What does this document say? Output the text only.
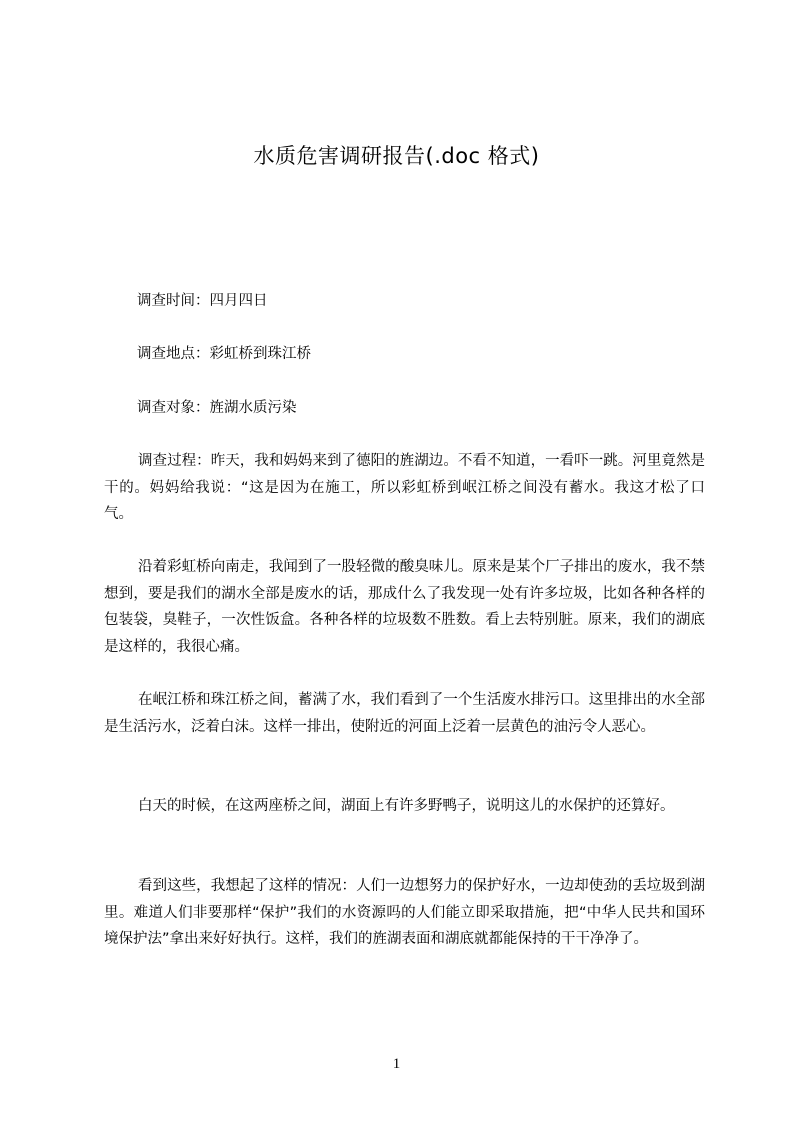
水质危害调研报告(.doc 格式)
调查时间：四月四日
调查地点：彩虹桥到珠江桥
调查对象：旌湖水质污染

调查过程：昨天，我和妈妈来到了德阳的旌湖边。不看不知道，一看吓一跳。河里竟然是干的。妈妈给我说：“这是因为在施工，所以彩虹桥到岷江桥之间没有蓄水。我这才松了口气。

沿着彩虹桥向南走，我闻到了一股轻微的酸臭味儿。原来是某个厂子排出的废水，我不禁想到，要是我们的湖水全部是废水的话，那成什么了我发现一处有许多垃圾，比如各种各样的包装袋，臭鞋子，一次性饭盒。各种各样的垃圾数不胜数。看上去特别脏。原来，我们的湖底是这样的，我很心痛。

在岷江桥和珠江桥之间，蓄满了水，我们看到了一个生活废水排污口。这里排出的水全部是生活污水，泛着白沫。这样一排出，使附近的河面上泛着一层黄色的油污令人恶心。

白天的时候，在这两座桥之间，湖面上有许多野鸭子，说明这儿的水保护的还算好。

看到这些，我想起了这样的情况：人们一边想努力的保护好水，一边却使劲的丢垃圾到湖里。难道人们非要那样“保护”我们的水资源吗的人们能立即采取措施，把“中华人民共和国环境保护法”拿出来好好执行。这样，我们的旌湖表面和湖底就都能保持的干干净净了。

1
